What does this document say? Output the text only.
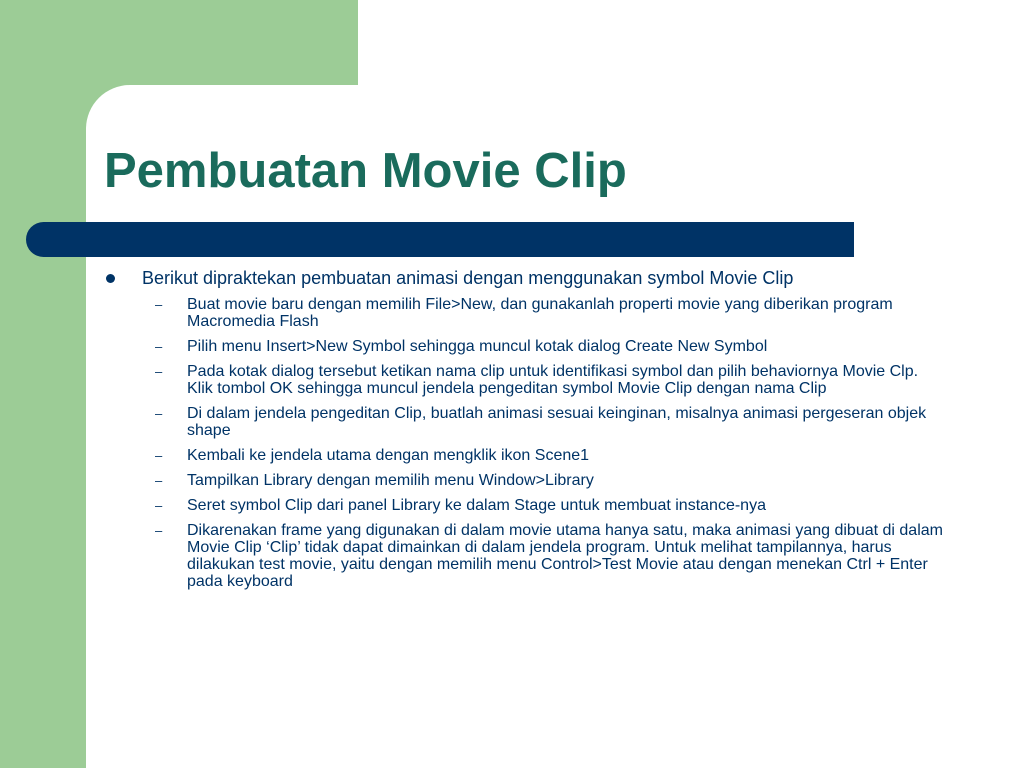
Pembuatan Movie Clip
Berikut dipraktekan pembuatan animasi dengan menggunakan symbol Movie Clip
– Buat movie baru dengan memilih File>New, dan gunakanlah properti movie yang diberikan program Macromedia Flash
– Pilih menu Insert>New Symbol sehingga muncul kotak dialog Create New Symbol
– Pada kotak dialog tersebut ketikan nama clip untuk identifikasi symbol dan pilih behaviornya Movie Clp. Klik tombol OK sehingga muncul jendela pengeditan symbol Movie Clip dengan nama Clip
– Di dalam jendela pengeditan Clip, buatlah animasi sesuai keinginan, misalnya animasi pergeseran objek shape
– Kembali ke jendela utama dengan mengklik ikon Scene1
– Tampilkan Library dengan memilih menu Window>Library
– Seret symbol Clip dari panel Library ke dalam Stage untuk membuat instance-nya
– Dikarenakan frame yang digunakan di dalam movie utama hanya satu, maka animasi yang dibuat di dalam Movie Clip ‘Clip’ tidak dapat dimainkan di dalam jendela program. Untuk melihat tampilannya, harus dilakukan test movie, yaitu dengan memilih menu Control>Test Movie atau dengan menekan Ctrl + Enter pada keyboard
